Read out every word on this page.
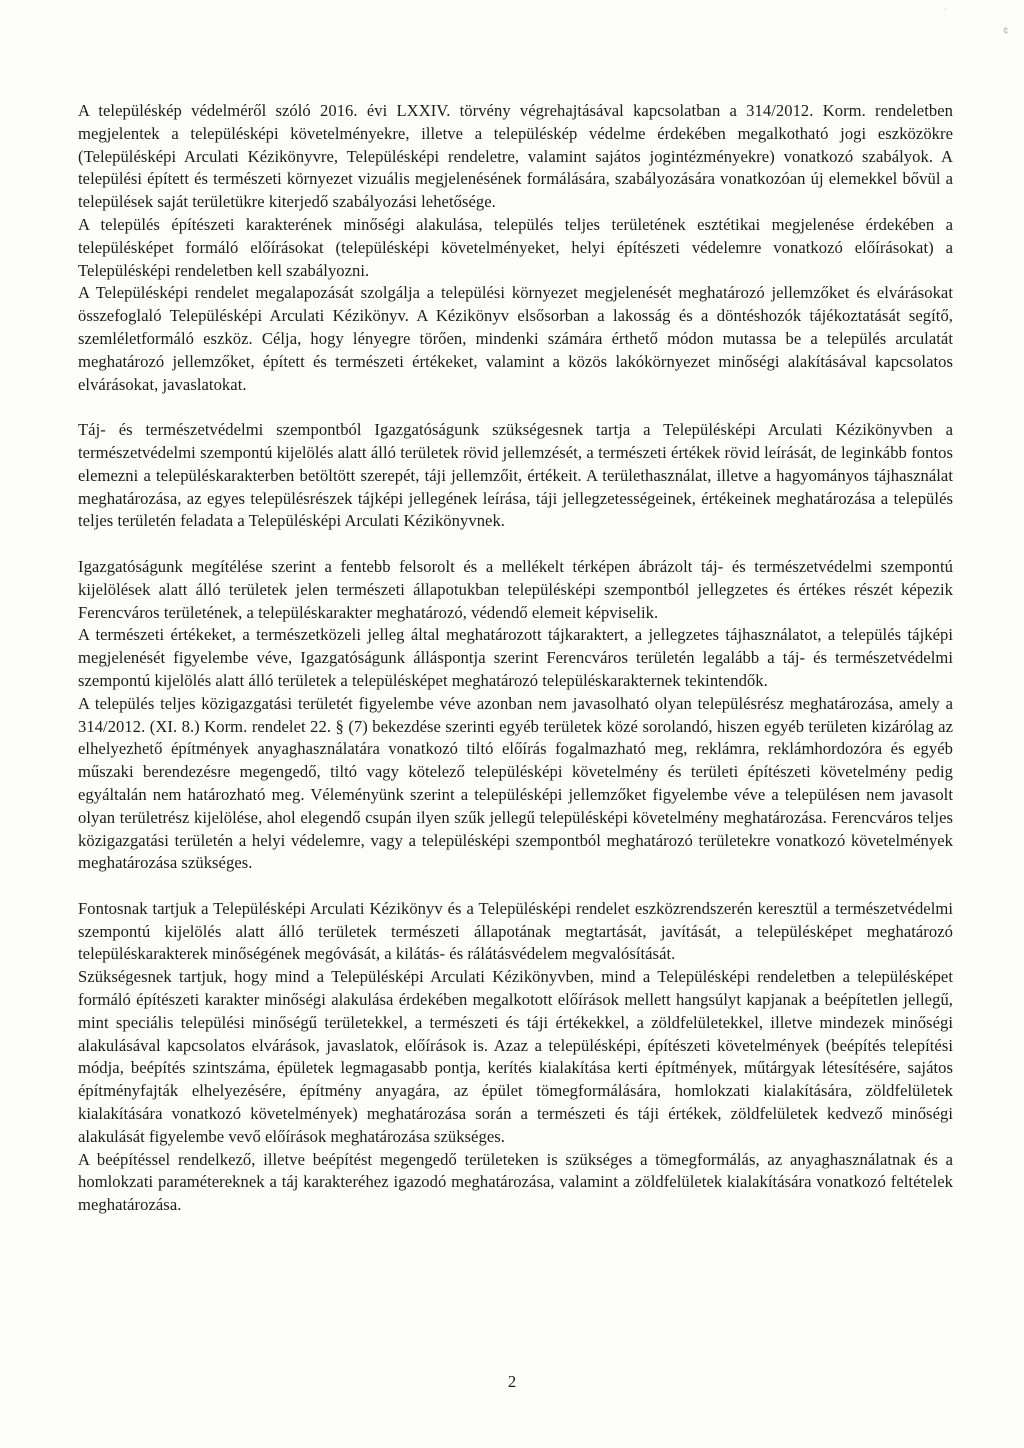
·
¢

A településkép védelméről szóló 2016. évi LXXIV. törvény végrehajtásával kapcsolatban a 314/2012. Korm. rendeletben megjelentek a településképi követelményekre, illetve a településkép védelme érdekében megalkotható jogi eszközökre (Településképi Arculati Kézikönyvre, Településképi rendeletre, valamint sajátos jogintézményekre) vonatkozó szabályok. A települési épített és természeti környezet vizuális megjelenésének formálására, szabályozására vonatkozóan új elemekkel bővül a települések saját területükre kiterjedő szabályozási lehetősége.

A település építészeti karakterének minőségi alakulása, település teljes területének esztétikai megjelenése érdekében a településképet formáló előírásokat (településképi követelményeket, helyi építészeti védelemre vonatkozó előírásokat) a Településképi rendeletben kell szabályozni.

A Településképi rendelet megalapozását szolgálja a települési környezet megjelenését meghatározó jellemzőket és elvárásokat összefoglaló Településképi Arculati Kézikönyv. A Kézikönyv elsősorban a lakosság és a döntéshozók tájékoztatását segítő, szemléletformáló eszköz. Célja, hogy lényegre törően, mindenki számára érthető módon mutassa be a település arculatát meghatározó jellemzőket, épített és természeti értékeket, valamint a közös lakókörnyezet minőségi alakításával kapcsolatos elvárásokat, javaslatokat.

Táj- és természetvédelmi szempontból Igazgatóságunk szükségesnek tartja a Településképi Arculati Kézikönyvben a természetvédelmi szempontú kijelölés alatt álló területek rövid jellemzését, a természeti értékek rövid leírását, de leginkább fontos elemezni a településkarakterben betöltött szerepét, táji jellemzőit, értékeit. A területhasználat, illetve a hagyományos tájhasználat meghatározása, az egyes településrészek tájképi jellegének leírása, táji jellegzetességeinek, értékeinek meghatározása a település teljes területén feladata a Településképi Arculati Kézikönyvnek.

Igazgatóságunk megítélése szerint a fentebb felsorolt és a mellékelt térképen ábrázolt táj- és természetvédelmi szempontú kijelölések alatt álló területek jelen természeti állapotukban településképi szempontból jellegzetes és értékes részét képezik Ferencváros területének, a településkarakter meghatározó, védendő elemeit képviselik.

A természeti értékeket, a természetközeli jelleg által meghatározott tájkaraktert, a jellegzetes tájhasználatot, a település tájképi megjelenését figyelembe véve, Igazgatóságunk álláspontja szerint Ferencváros területén legalább a táj- és természetvédelmi szempontú kijelölés alatt álló területek a településképet meghatározó településkarakternek tekintendők.

A település teljes közigazgatási területét figyelembe véve azonban nem javasolható olyan településrész meghatározása, amely a 314/2012. (XI. 8.) Korm. rendelet 22. § (7) bekezdése szerinti egyéb területek közé sorolandó, hiszen egyéb területen kizárólag az elhelyezhető építmények anyaghasználatára vonatkozó tiltó előírás fogalmazható meg, reklámra, reklámhordozóra és egyéb műszaki berendezésre megengedő, tiltó vagy kötelező településképi követelmény és területi építészeti követelmény pedig egyáltalán nem határozható meg. Véleményünk szerint a településképi jellemzőket figyelembe véve a településen nem javasolt olyan területrész kijelölése, ahol elegendő csupán ilyen szűk jellegű településképi követelmény meghatározása. Ferencváros teljes közigazgatási területén a helyi védelemre, vagy a településképi szempontból meghatározó területekre vonatkozó követelmények meghatározása szükséges.

Fontosnak tartjuk a Településképi Arculati Kézikönyv és a Településképi rendelet eszközrendszerén keresztül a természetvédelmi szempontú kijelölés alatt álló területek természeti állapotának megtartását, javítását, a településképet meghatározó településkarakterek minőségének megóvását, a kilátás- és rálátásvédelem megvalósítását.

Szükségesnek tartjuk, hogy mind a Településképi Arculati Kézikönyvben, mind a Településképi rendeletben a településképet formáló építészeti karakter minőségi alakulása érdekében megalkotott előírások mellett hangsúlyt kapjanak a beépítetlen jellegű, mint speciális települési minőségű területekkel, a természeti és táji értékekkel, a zöldfelületekkel, illetve mindezek minőségi alakulásával kapcsolatos elvárások, javaslatok, előírások is. Azaz a településképi, építészeti követelmények (beépítés telepítési módja, beépítés szintszáma, épületek legmagasabb pontja, kerítés kialakítása kerti építmények, műtárgyak létesítésére, sajátos építményfajták elhelyezésére, építmény anyagára, az épület tömegformálására, homlokzati kialakítására, zöldfelületek kialakítására vonatkozó követelmények) meghatározása során a természeti és táji értékek, zöldfelületek kedvező minőségi alakulását figyelembe vevő előírások meghatározása szükséges.

A beépítéssel rendelkező, illetve beépítést megengedő területeken is szükséges a tömegformálás, az anyaghasználatnak és a homlokzati paramétereknek a táj karakteréhez igazodó meghatározása, valamint a zöldfelületek kialakítására vonatkozó feltételek meghatározása.

2
